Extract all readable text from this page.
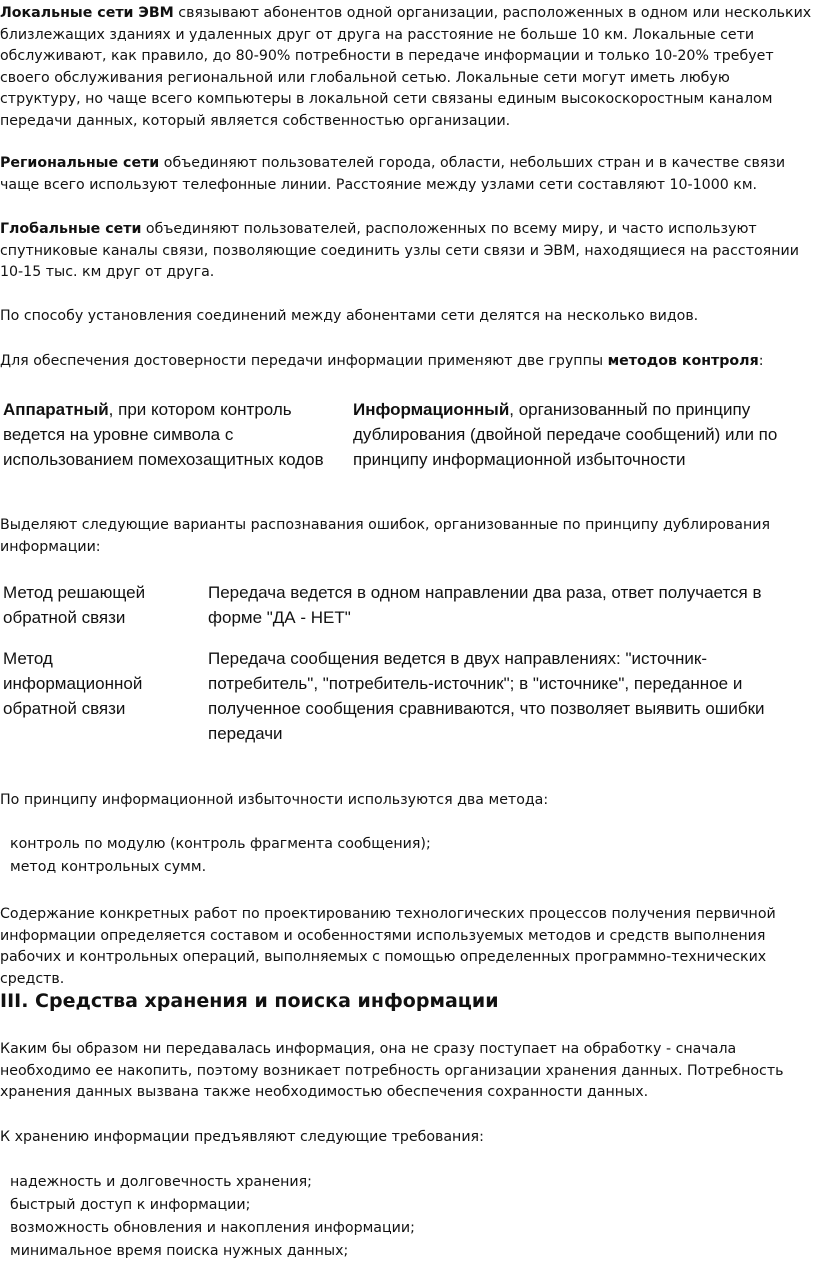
Локальные сети ЭВМ связывают абонентов одной организации, расположенных в одном или нескольких близлежащих зданиях и удаленных друг от друга на расстояние не больше 10 км. Локальные сети обслуживают, как правило, до 80-90% потребности в передаче информации и только 10-20% требует своего обслуживания региональной или глобальной сетью. Локальные сети могут иметь любую структуру, но чаще всего компьютеры в локальной сети связаны единым высокоскоростным каналом передачи данных, который является собственностью организации.

Региональные сети объединяют пользователей города, области, небольших стран и в качестве связи чаще всего используют телефонные линии. Расстояние между узлами сети составляют 10-1000 км.

Глобальные сети объединяют пользователей, расположенных по всему миру, и часто используют спутниковые каналы связи, позволяющие соединить узлы сети связи и ЭВМ, находящиеся на расстоянии 10-15 тыс. км друг от друга.

По способу установления соединений между абонентами сети делятся на несколько видов.

Для обеспечения достоверности передачи информации применяют две группы методов контроля:

Аппаратный, при котором контроль ведется на уровне символа с использованием помехозащитных кодов
Информационный, организованный по принципу дублирования (двойной передаче сообщений) или по принципу информационной избыточности

Выделяют следующие варианты распознавания ошибок, организованные по принципу дублирования информации:

Метод решающей обратной связи
Передача ведется в одном направлении два раза, ответ получается в форме "ДА - НЕТ"
Метод информационной обратной связи
Передача сообщения ведется в двух направлениях: "источник-потребитель", "потребитель-источник"; в "источнике", переданное и полученное сообщения сравниваются, что позволяет выявить ошибки передачи

По принципу информационной избыточности используются два метода:

контроль по модулю (контроль фрагмента сообщения);
метод контрольных сумм.

Содержание конкретных работ по проектированию технологических процессов получения первичной информации определяется составом и особенностями используемых методов и средств выполнения рабочих и контрольных операций, выполняемых с помощью определенных программно-технических средств.

III. Средства хранения и поиска информации

Каким бы образом ни передавалась информация, она не сразу поступает на обработку - сначала необходимо ее накопить, поэтому возникает потребность организации хранения данных. Потребность хранения данных вызвана также необходимостью обеспечения сохранности данных.

К хранению информации предъявляют следующие требования:

надежность и долговечность хранения;
быстрый доступ к информации;
возможность обновления и накопления информации;
минимальное время поиска нужных данных;
